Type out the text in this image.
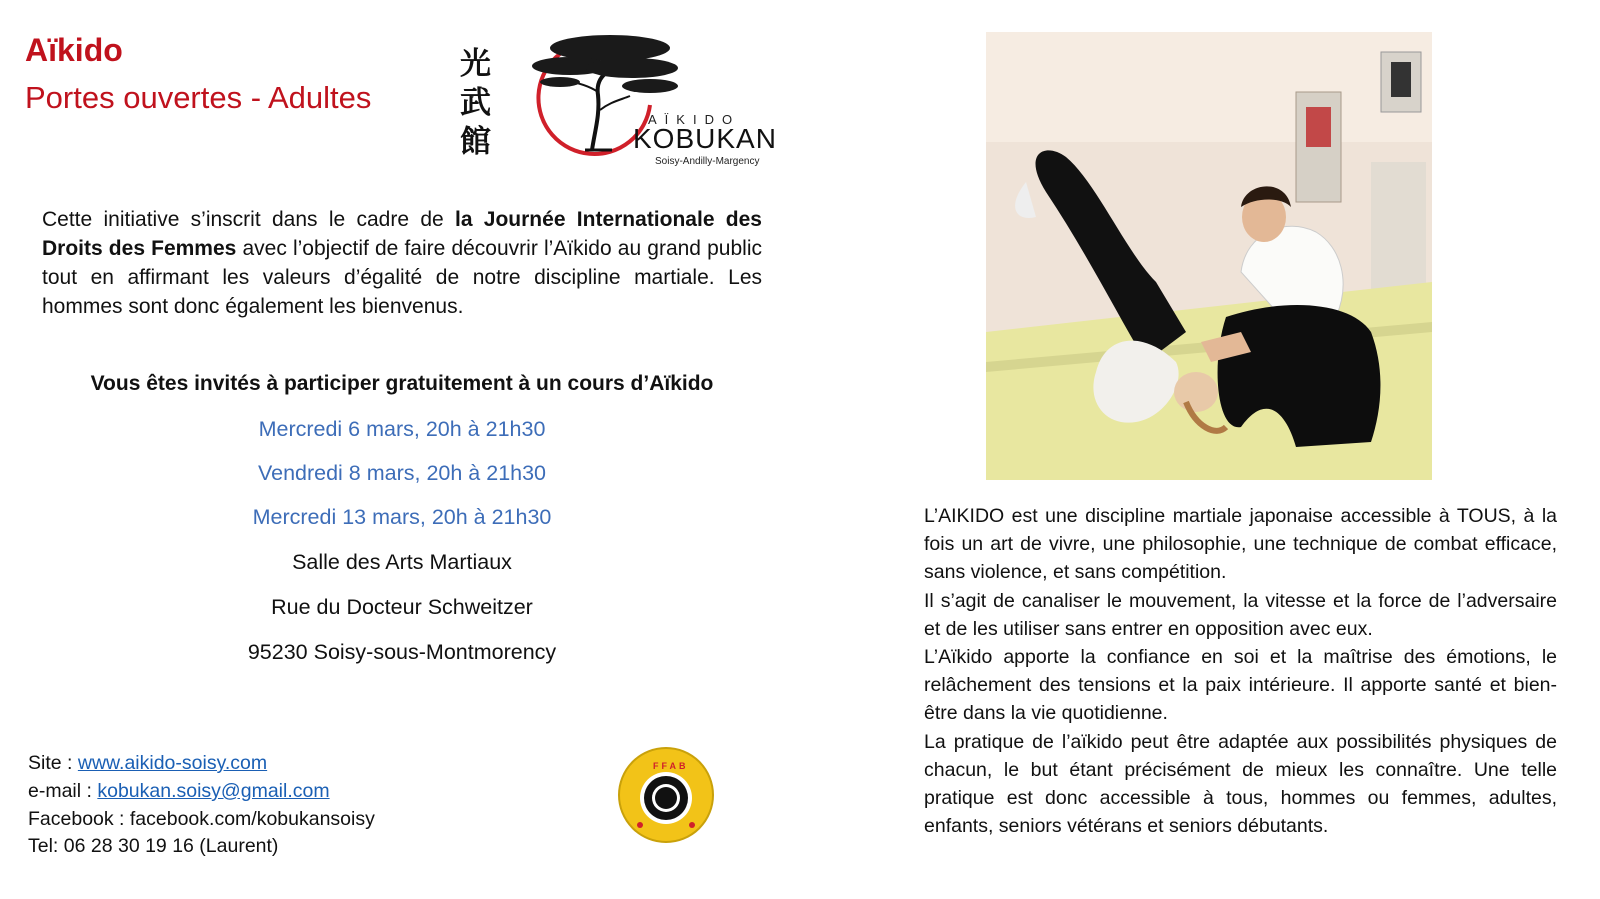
Aïkido
Portes ouvertes - Adultes
光
武
館
AÏKIDO
KOBUKAN
Soisy-Andilly-Margency
Cette initiative s’inscrit dans le cadre de la Journée Internationale des Droits des Femmes avec l’objectif de faire découvrir l’Aïkido au grand public tout en affirmant les valeurs d’égalité de notre discipline martiale. Les hommes sont donc également les bienvenus.
Vous êtes invités à participer gratuitement à un cours d’Aïkido
Mercredi 6 mars, 20h à 21h30
Vendredi 8 mars, 20h à 21h30
Mercredi 13 mars, 20h à 21h30
Salle des Arts Martiaux
Rue du Docteur Schweitzer
95230 Soisy-sous-Montmorency
Site : www.aikido-soisy.com
e-mail : kobukan.soisy@gmail.com
Facebook : facebook.com/kobukansoisy
Tel: 06 28 30 19 16 (Laurent)
FFAB

L’AIKIDO est une discipline martiale japonaise accessible à TOUS, à la fois un art de vivre, une philosophie, une technique de combat efficace, sans violence, et sans compétition.

Il s’agit de canaliser le mouvement, la vitesse et la force de l’adversaire et de les utiliser sans entrer en opposition avec eux.

L’Aïkido apporte la confiance en soi et la maîtrise des émotions, le relâchement des tensions et la paix intérieure. Il apporte santé et bien-être dans la vie quotidienne.

La pratique de l’aïkido peut être adaptée aux possibilités physiques de chacun, le but étant précisément de mieux les connaître. Une telle pratique est donc accessible à tous, hommes ou femmes, adultes, enfants, seniors vétérans et seniors débutants.
